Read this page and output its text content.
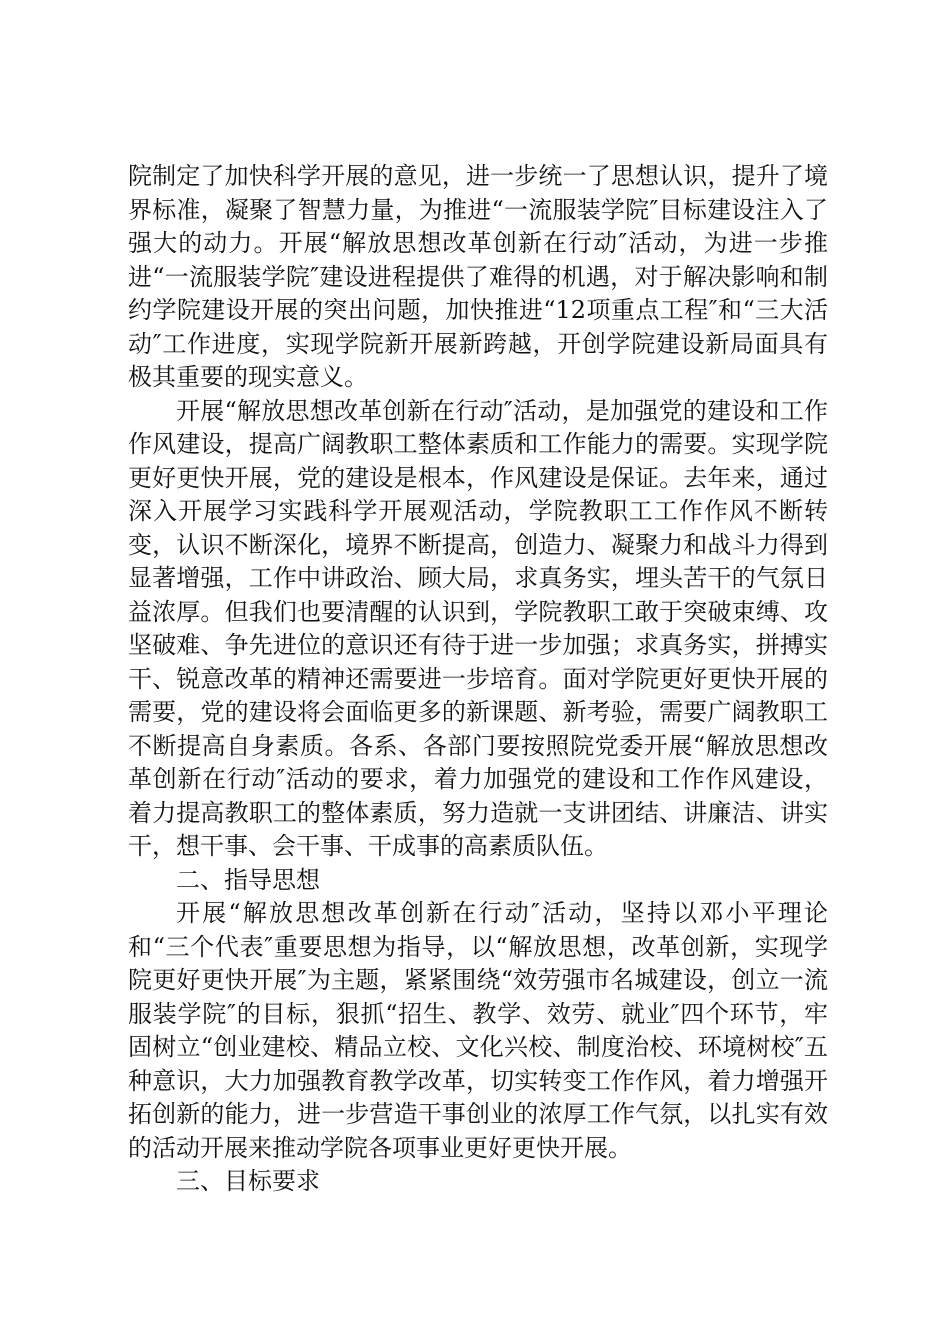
院制定了加快科学开展的意见，进一步统一了思想认识，提升了境界标准，凝聚了智慧力量，为推进“一流服装学院″目标建设注入了强大的动力。开展“解放思想改革创新在行动″活动，为进一步推进“一流服装学院″建设进程提供了难得的机遇，对于解决影响和制约学院建设开展的突出问题，加快推进“12项重点工程″和“三大活动″工作进度，实现学院新开展新跨越，开创学院建设新局面具有极其重要的现实意义。

开展“解放思想改革创新在行动″活动，是加强党的建设和工作作风建设，提高广阔教职工整体素质和工作能力的需要。实现学院更好更快开展，党的建设是根本，作风建设是保证。去年来，通过深入开展学习实践科学开展观活动，学院教职工工作作风不断转变，认识不断深化，境界不断提高，创造力、凝聚力和战斗力得到显著增强，工作中讲政治、顾大局，求真务实，埋头苦干的气氛日益浓厚。但我们也要清醒的认识到，学院教职工敢于突破束缚、攻坚破难、争先进位的意识还有待于进一步加强；求真务实，拼搏实干、锐意改革的精神还需要进一步培育。面对学院更好更快开展的需要，党的建设将会面临更多的新课题、新考验，需要广阔教职工不断提高自身素质。各系、各部门要按照院党委开展“解放思想改革创新在行动″活动的要求，着力加强党的建设和工作作风建设，着力提高教职工的整体素质，努力造就一支讲团结、讲廉洁、讲实干，想干事、会干事、干成事的高素质队伍。

二、指导思想

开展“解放思想改革创新在行动″活动，坚持以邓小平理论和“三个代表″重要思想为指导，以“解放思想，改革创新，实现学院更好更快开展″为主题，紧紧围绕“效劳强市名城建设，创立一流服装学院″的目标，狠抓“招生、教学、效劳、就业″四个环节，牢固树立“创业建校、精品立校、文化兴校、制度治校、环境树校″五种意识，大力加强教育教学改革，切实转变工作作风，着力增强开拓创新的能力，进一步营造干事创业的浓厚工作气氛，以扎实有效的活动开展来推动学院各项事业更好更快开展。

三、目标要求
